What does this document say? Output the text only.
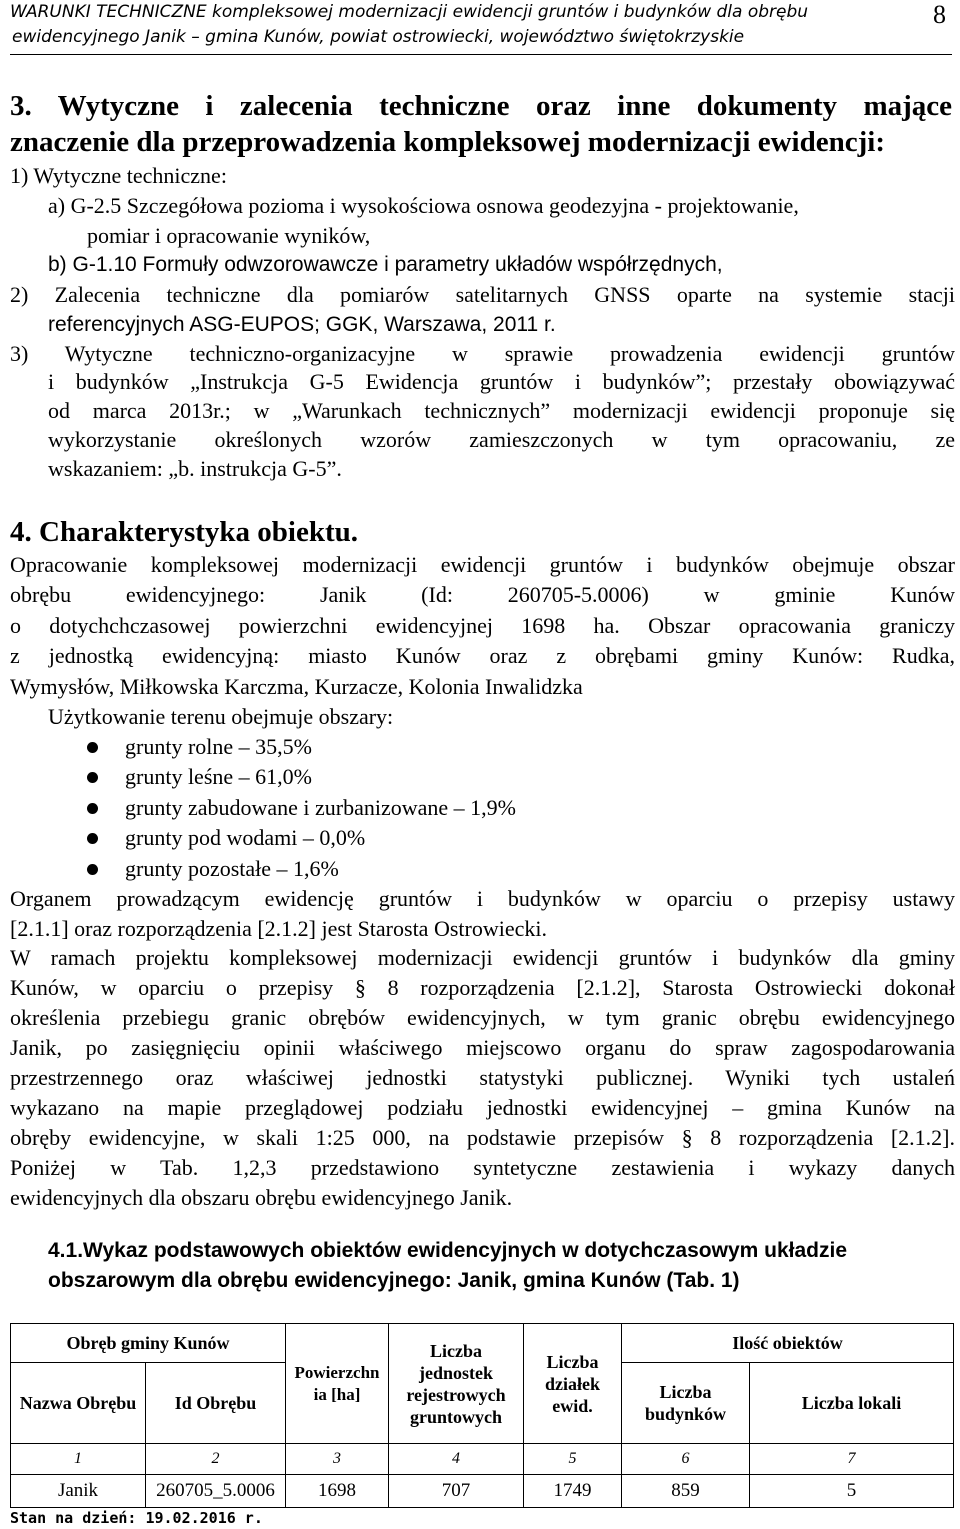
WARUNKI TECHNICZNE kompleksowej modernizacji ewidencji gruntów i budynków dla obrębu
ewidencyjnego Janik – gmina Kunów, powiat ostrowiecki, województwo świętokrzyskie
8
3. Wytyczne i zalecenia techniczne oraz inne dokumenty mające
znaczenie dla przeprowadzenia kompleksowej modernizacji ewidencji:
1) Wytyczne techniczne:
a) G-2.5 Szczegółowa pozioma i wysokościowa osnowa geodezyjna - projektowanie,
pomiar i opracowanie wyników,
b) G-1.10 Formuły odwzorowawcze i parametry układów współrzędnych,
2) Zalecenia techniczne dla pomiarów satelitarnych GNSS oparte na systemie stacji
referencyjnych ASG-EUPOS; GGK, Warszawa, 2011 r.
3) Wytyczne techniczno-organizacyjne w sprawie prowadzenia ewidencji gruntów
i budynków „Instrukcja G-5 Ewidencja gruntów i budynków”; przestały obowiązywać
od marca 2013r.; w „Warunkach technicznych” modernizacji ewidencji proponuje się
wykorzystanie określonych wzorów zamieszczonych w tym opracowaniu, ze
wskazaniem: „b. instrukcja G-5”.
4. Charakterystyka obiektu.
Opracowanie kompleksowej modernizacji ewidencji gruntów i budynków obejmuje obszar
obrębu ewidencyjnego: Janik (Id: 260705-5.0006) w gminie Kunów
o dotychchczasowej powierzchni ewidencyjnej 1698 ha. Obszar opracowania graniczy
z jednostką ewidencyjną: miasto Kunów oraz z obrębami gminy Kunów: Rudka,
Wymysłów, Miłkowska Karczma, Kurzacze, Kolonia Inwalidzka
Użytkowanie terenu obejmuje obszary:
grunty rolne – 35,5%
grunty leśne – 61,0%
grunty zabudowane i zurbanizowane – 1,9%
grunty pod wodami – 0,0%
grunty pozostałe – 1,6%
Organem prowadzącym ewidencję gruntów i budynków w oparciu o przepisy ustawy
[2.1.1] oraz rozporządzenia [2.1.2] jest Starosta Ostrowiecki.
W ramach projektu kompleksowej modernizacji ewidencji gruntów i budynków dla gminy
Kunów, w oparciu o przepisy § 8 rozporządzenia [2.1.2], Starosta Ostrowiecki dokonał
określenia przebiegu granic obrębów ewidencyjnych, w tym granic obrębu ewidencyjnego
Janik, po zasięgnięciu opinii właściwego miejscowo organu do spraw zagospodarowania
przestrzennego oraz właściwej jednostki statystyki publicznej. Wyniki tych ustaleń
wykazano na mapie przeglądowej podziału jednostki ewidencyjnej – gmina Kunów na
obręby ewidencyjne, w skali 1:25 000, na podstawie przepisów § 8 rozporządzenia [2.1.2].
Poniżej w Tab. 1,2,3 przedstawiono syntetyczne zestawienia i wykazy danych
ewidencyjnych dla obszaru obrębu ewidencyjnego Janik.
4.1.Wykaz podstawowych obiektów ewidencyjnych w dotychczasowym układzie
obszarowym dla obrębu ewidencyjnego: Janik, gmina Kunów (Tab. 1)
Obręb gminy Kunów		Powierzchn ia [ha]	Liczba jednostek rejestrowych gruntowych	Liczba działek ewid.	Ilość obiektów	
Nazwa Obrębu	Id Obrębu				Liczba budynków	Liczba lokali
1	2	3	4	5	6	7
Janik	260705_5.0006	1698	707	1749	859	5
Stan na dzień: 19.02.2016 r.
